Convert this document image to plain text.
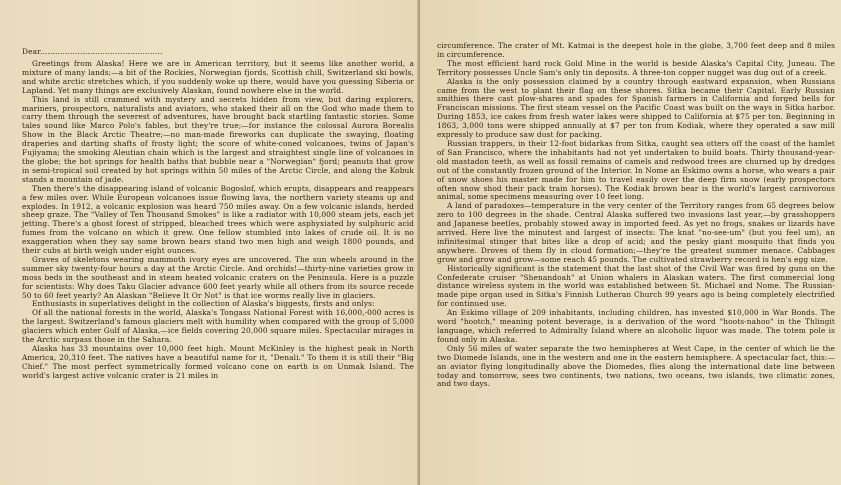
Dear.................................................

Greetings from Alaska! Here we are in American territory, but it seems like another world, a mixture of many lands;—a bit of the Rockies, Norwegian fjords, Scottish chill, Switzerland ski bowls, and white arctic stretches which, if you suddenly woke up there, would have you guessing Siberia or Lapland. Yet many things are exclusively Alaskan, found nowhere else in the world.

This land is still crammed with mystery and secrets hidden from view, but daring explorers, mariners, prospectors, naturalists and aviators, who staked their all on the God who made them to carry them through the severest of adventures, have brought back startling fantastic stories. Some tales sound like Marco Polo's fables, but they're true;—for instance the colossal Aurora Borealis Show in the Black Arctic Theatre;—no man-made fireworks can duplicate the swaying, floating draperies and darting shafts of frosty light; the score of white-coned volcanoes, twins of Japan's Fujiyama; the smoking Aleutian chain which is the largest and straightest single line of volcanoes in the globe; the hot springs for health baths that bubble near a "Norwegian" fjord; peanuts that grow in semi-tropical soil created by hot springs within 50 miles of the Arctic Circle, and along the Kobuk stands a mountain of jade.

Then there's the disappearing island of volcanic Bogoslof, which erupts, disappears and reappears a few miles over. While European volcanoes issue flowing lava, the northern variety steams up and explodes. In 1912, a volcanic explosion was heard 750 miles away. On a few volcanic islands, herded sheep graze. The "Valley of Ten Thousand Smokes" is like a radiator with 10,000 steam jets, each jet jetting. There's a ghost forest of stripped, bleached trees which were asphyxiated by sulphuric acid fumes from the volcano on which it grew. One fellow stumbled into lakes of crude oil. It is no exaggeration when they say some brown bears stand two men high and weigh 1800 pounds, and their cubs at birth weigh under eight ounces.

Graves of skeletons wearing mammoth ivory eyes are uncovered. The sun wheels around in the summer sky twenty-four hours a day at the Arctic Circle. And orchids!—thirty-nine varieties grow in moss beds in the southeast and in steam heated volcanic craters on the Peninsula. Here is a puzzle for scientists: Why does Taku Glacier advance 600 feet yearly while all others from its source recede 50 to 60 feet yearly? An Alaskan "Believe It Or Not" is that ice worms really live in glaciers.

Enthusiasts in superlatives delight in the collection of Alaska's biggests, firsts and onlys:

Of all the national forests in the world, Alaska's Tongass National Forest with 16,000,-000 acres is the largest. Switzerland's famous glaciers melt with humility when compared with the group of 5,000 glaciers which enter Gulf of Alaska,—ice fields covering 20,000 square miles. Spectacular mirages in the Arctic surpass those in the Sahara.

Alaska has 33 mountains over 10,000 feet high. Mount McKinley is the highest peak in North America, 20,310 feet. The natives have a beautiful name for it, "Denali." To them it is still their "Big Chief." The most perfect symmetrically formed volcano cone on earth is on Unmak Island. The world's largest active volcanic crater is 21 miles in

circumference. The crater of Mt. Katmai is the deepest hole in the globe, 3,700 feet deep and 8 miles in circumference.

The most efficient hard rock Gold Mine in the world is beside Alaska's Capital City, Juneau. The Territory possesses Uncle Sam's only tin deposits. A three-ton copper nugget was dug out of a creek.

Alaska is the only possession claimed by a country through eastward expansion, when Russians came from the west to plant their flag on these shores. Sitka became their Capital. Early Russian smithies there cast plow-shares and spades for Spanish farmers in California and forged bells for Franciscan missions. The first steam vessel on the Pacific Coast was built on the ways in Sitka harbor. During 1853, ice cakes from fresh water lakes were shipped to California at $75 per ton. Beginning in 1863, 3,000 tons were shipped annually at $7 per ton from Kodiak, where they operated a saw mill expressly to produce saw dust for packing.

Russian trappers, in their 12-foot bidarkas from Sitka, caught sea otters off the coast of the hamlet of San Francisco, where the inhabitants had not yet undertaken to build boats. Thirty thousand-year-old mastadon teeth, as well as fossil remains of camels and redwood trees are churned up by dredges out of the constantly frozen ground of the Interior. In Nome an Eskimo owns a horse, who wears a pair of snow shoes his master made for him to travel easily over the deep firm snow (early prospectors often snow shod their pack train horses). The Kodiak brown bear is the world's largest carnivorous animal, some specimens measuring over 10 feet long.

A land of paradoxes—temperature in the very center of the Territory ranges from 65 degrees below zero to 100 degrees in the shade. Central Alaska suffered two invasions last year,—by grasshoppers and Japanese beetles, probably stowed away in imported feed. As yet no frogs, snakes or lizards have arrived. Here live the minutest and largest of insects: The knat "no-see-um" (but you feel um), an infinitesimal stinger that bites like a drop of acid; and the pesky giant mosquito that finds you anywhere. Droves of them fly in cloud formation;—they're the greatest summer menace. Cabbages grow and grow and grow—some reach 45 pounds. The cultivated strawberry record is hen's egg size.

Historically significant is the statement that the last shot of the Civil War was fired by guns on the Confederate cruiser "Shenandoah" at Union whalers in Alaskan waters. The first commercial long distance wireless system in the world was established between St. Michael and Nome. The Russian-made pipe organ used in Sitka's Finnish Lutheran Church 99 years ago is being completely electrified for continued use.

An Eskimo village of 209 inhabitants, including children, has invested $10,000 in War Bonds. The word "hootch," meaning potent beverage, is a derivation of the word "hoots-nahoo" in the Thlingit language, which referred to Admiralty Island where an alcoholic liquor was made. The totem pole is found only in Alaska.

Only 56 miles of water separate the two hemispheres at West Cape, in the center of which lie the two Diomede Islands, one in the western and one in the eastern hemisphere. A spectacular fact, this:—an aviator flying longitudinally above the Diomedes, flies along the international date line between today and tomorrow, sees two continents, two nations, two oceans, two islands, two climatic zones, and two days.
